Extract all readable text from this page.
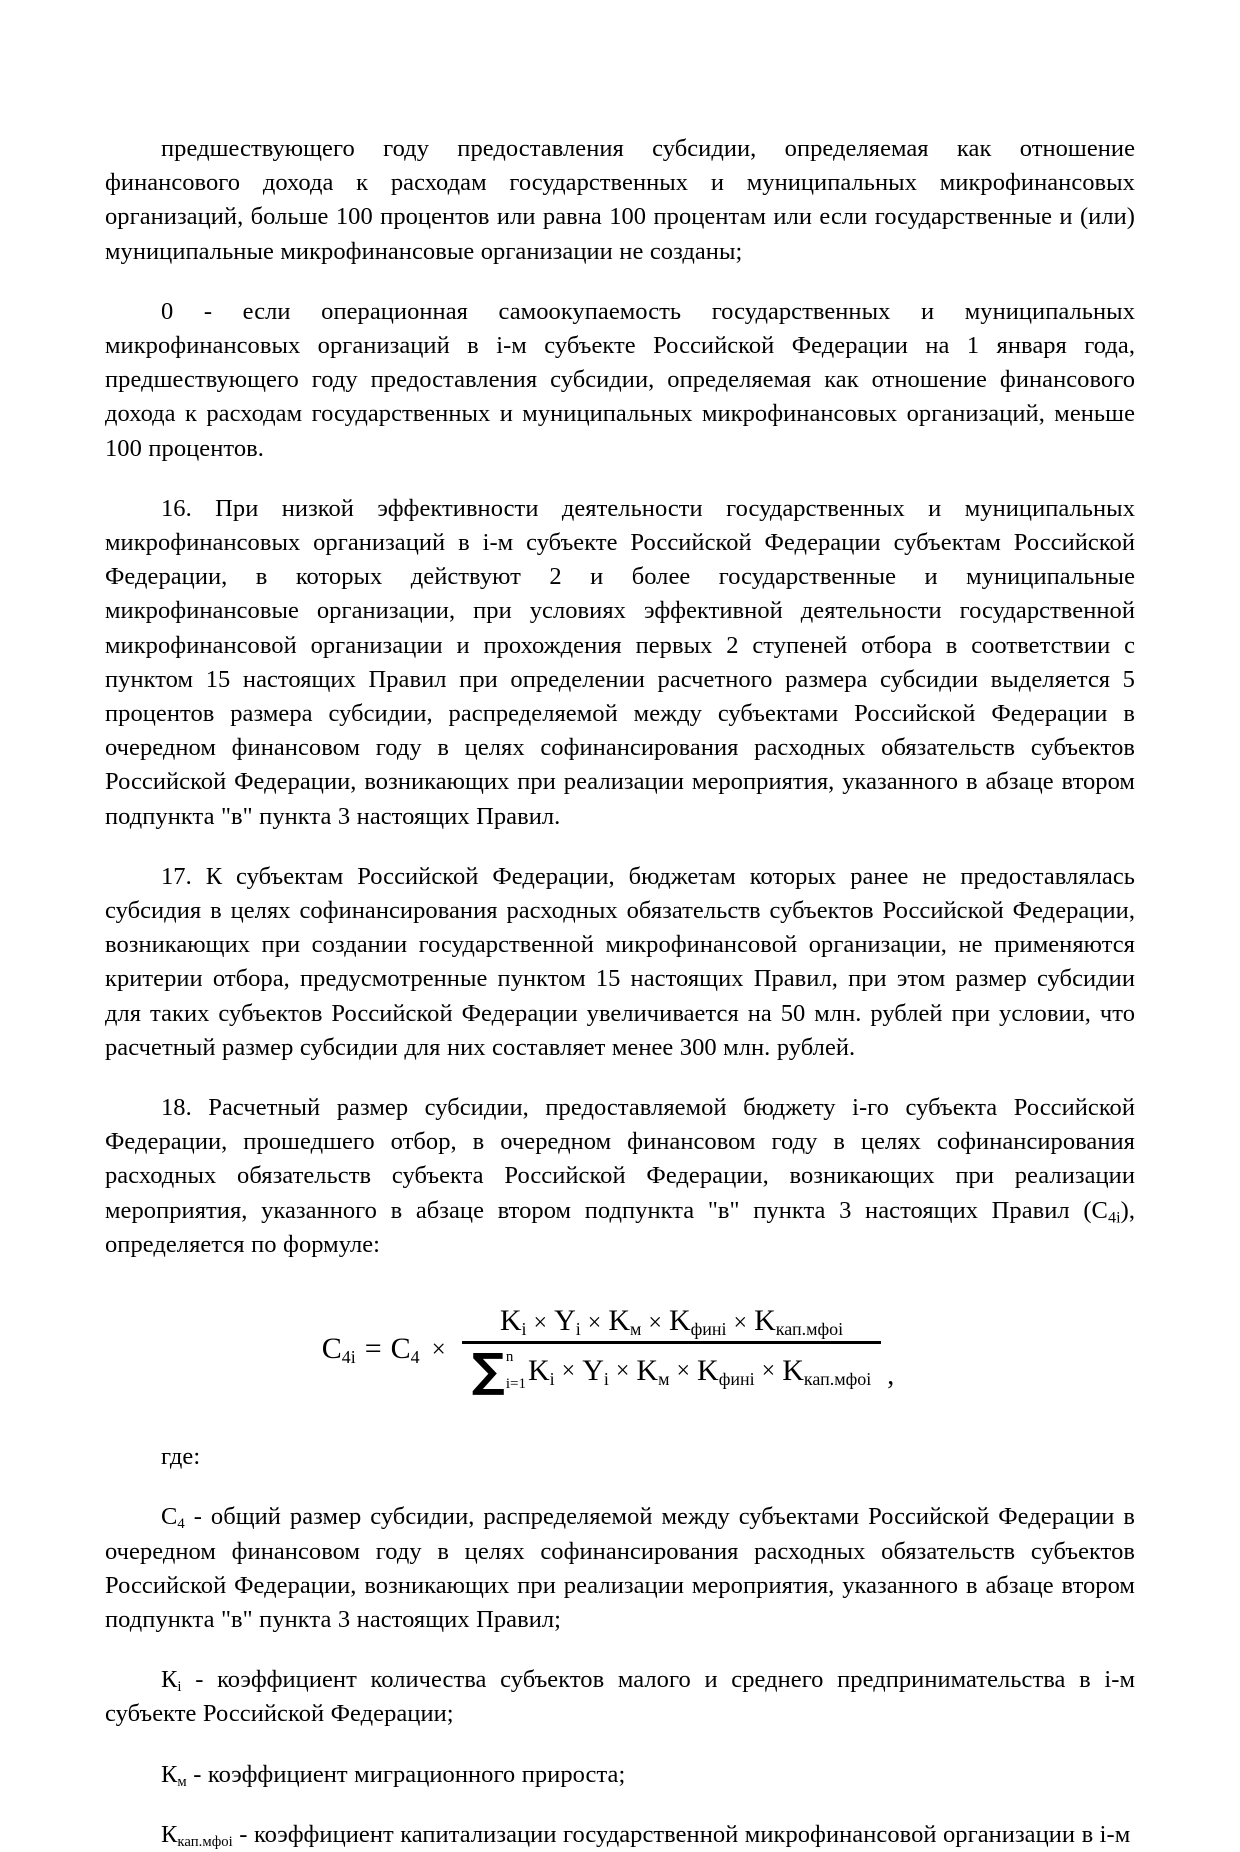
предшествующего году предоставления субсидии, определяемая как отношение финансового дохода к расходам государственных и муниципальных микрофинансовых организаций, больше 100 процентов или равна 100 процентам или если государственные и (или) муниципальные микрофинансовые организации не созданы;

0 - если операционная самоокупаемость государственных и муниципальных микрофинансовых организаций в i-м субъекте Российской Федерации на 1 января года, предшествующего году предоставления субсидии, определяемая как отношение финансового дохода к расходам государственных и муниципальных микрофинансовых организаций, меньше 100 процентов.

16. При низкой эффективности деятельности государственных и муниципальных микрофинансовых организаций в i-м субъекте Российской Федерации субъектам Российской Федерации, в которых действуют 2 и более государственные и муниципальные микрофинансовые организации, при условиях эффективной деятельности государственной микрофинансовой организации и прохождения первых 2 ступеней отбора в соответствии с пунктом 15 настоящих Правил при определении расчетного размера субсидии выделяется 5 процентов размера субсидии, распределяемой между субъектами Российской Федерации в очередном финансовом году в целях софинансирования расходных обязательств субъектов Российской Федерации, возникающих при реализации мероприятия, указанного в абзаце втором подпункта "в" пункта 3 настоящих Правил.

17. К субъектам Российской Федерации, бюджетам которых ранее не предоставлялась субсидия в целях софинансирования расходных обязательств субъектов Российской Федерации, возникающих при создании государственной микрофинансовой организации, не применяются критерии отбора, предусмотренные пунктом 15 настоящих Правил, при этом размер субсидии для таких субъектов Российской Федерации увеличивается на 50 млн. рублей при условии, что расчетный размер субсидии для них составляет менее 300 млн. рублей.

18. Расчетный размер субсидии, предоставляемой бюджету i-го субъекта Российской Федерации, прошедшего отбор, в очередном финансовом году в целях софинансирования расходных обязательств субъекта Российской Федерации, возникающих при реализации мероприятия, указанного в абзаце втором подпункта "в" пункта 3 настоящих Правил $(C_{4i})$, определяется по формуле:

$C_{4i} = C_4 \times K_i \times Y_i \times K_м \times K_{финi} \times K_{кап.мфоi}$
∑ n
i=1 $K_i \times Y_i \times K_м \times K_{финi} \times K_{кап.мфоi}$ ,

где:

$C_4$ - общий размер субсидии, распределяемой между субъектами Российской Федерации в очередном финансовом году в целях софинансирования расходных обязательств субъектов Российской Федерации, возникающих при реализации мероприятия, указанного в абзаце втором подпункта "в" пункта 3 настоящих Правил;

$К_i$ - коэффициент количества субъектов малого и среднего предпринимательства в i-м субъекте Российской Федерации;

$К_м$ - коэффициент миграционного прироста;

$К_{кап.мфоi}$ - коэффициент капитализации государственной микрофинансовой организации в i-м
